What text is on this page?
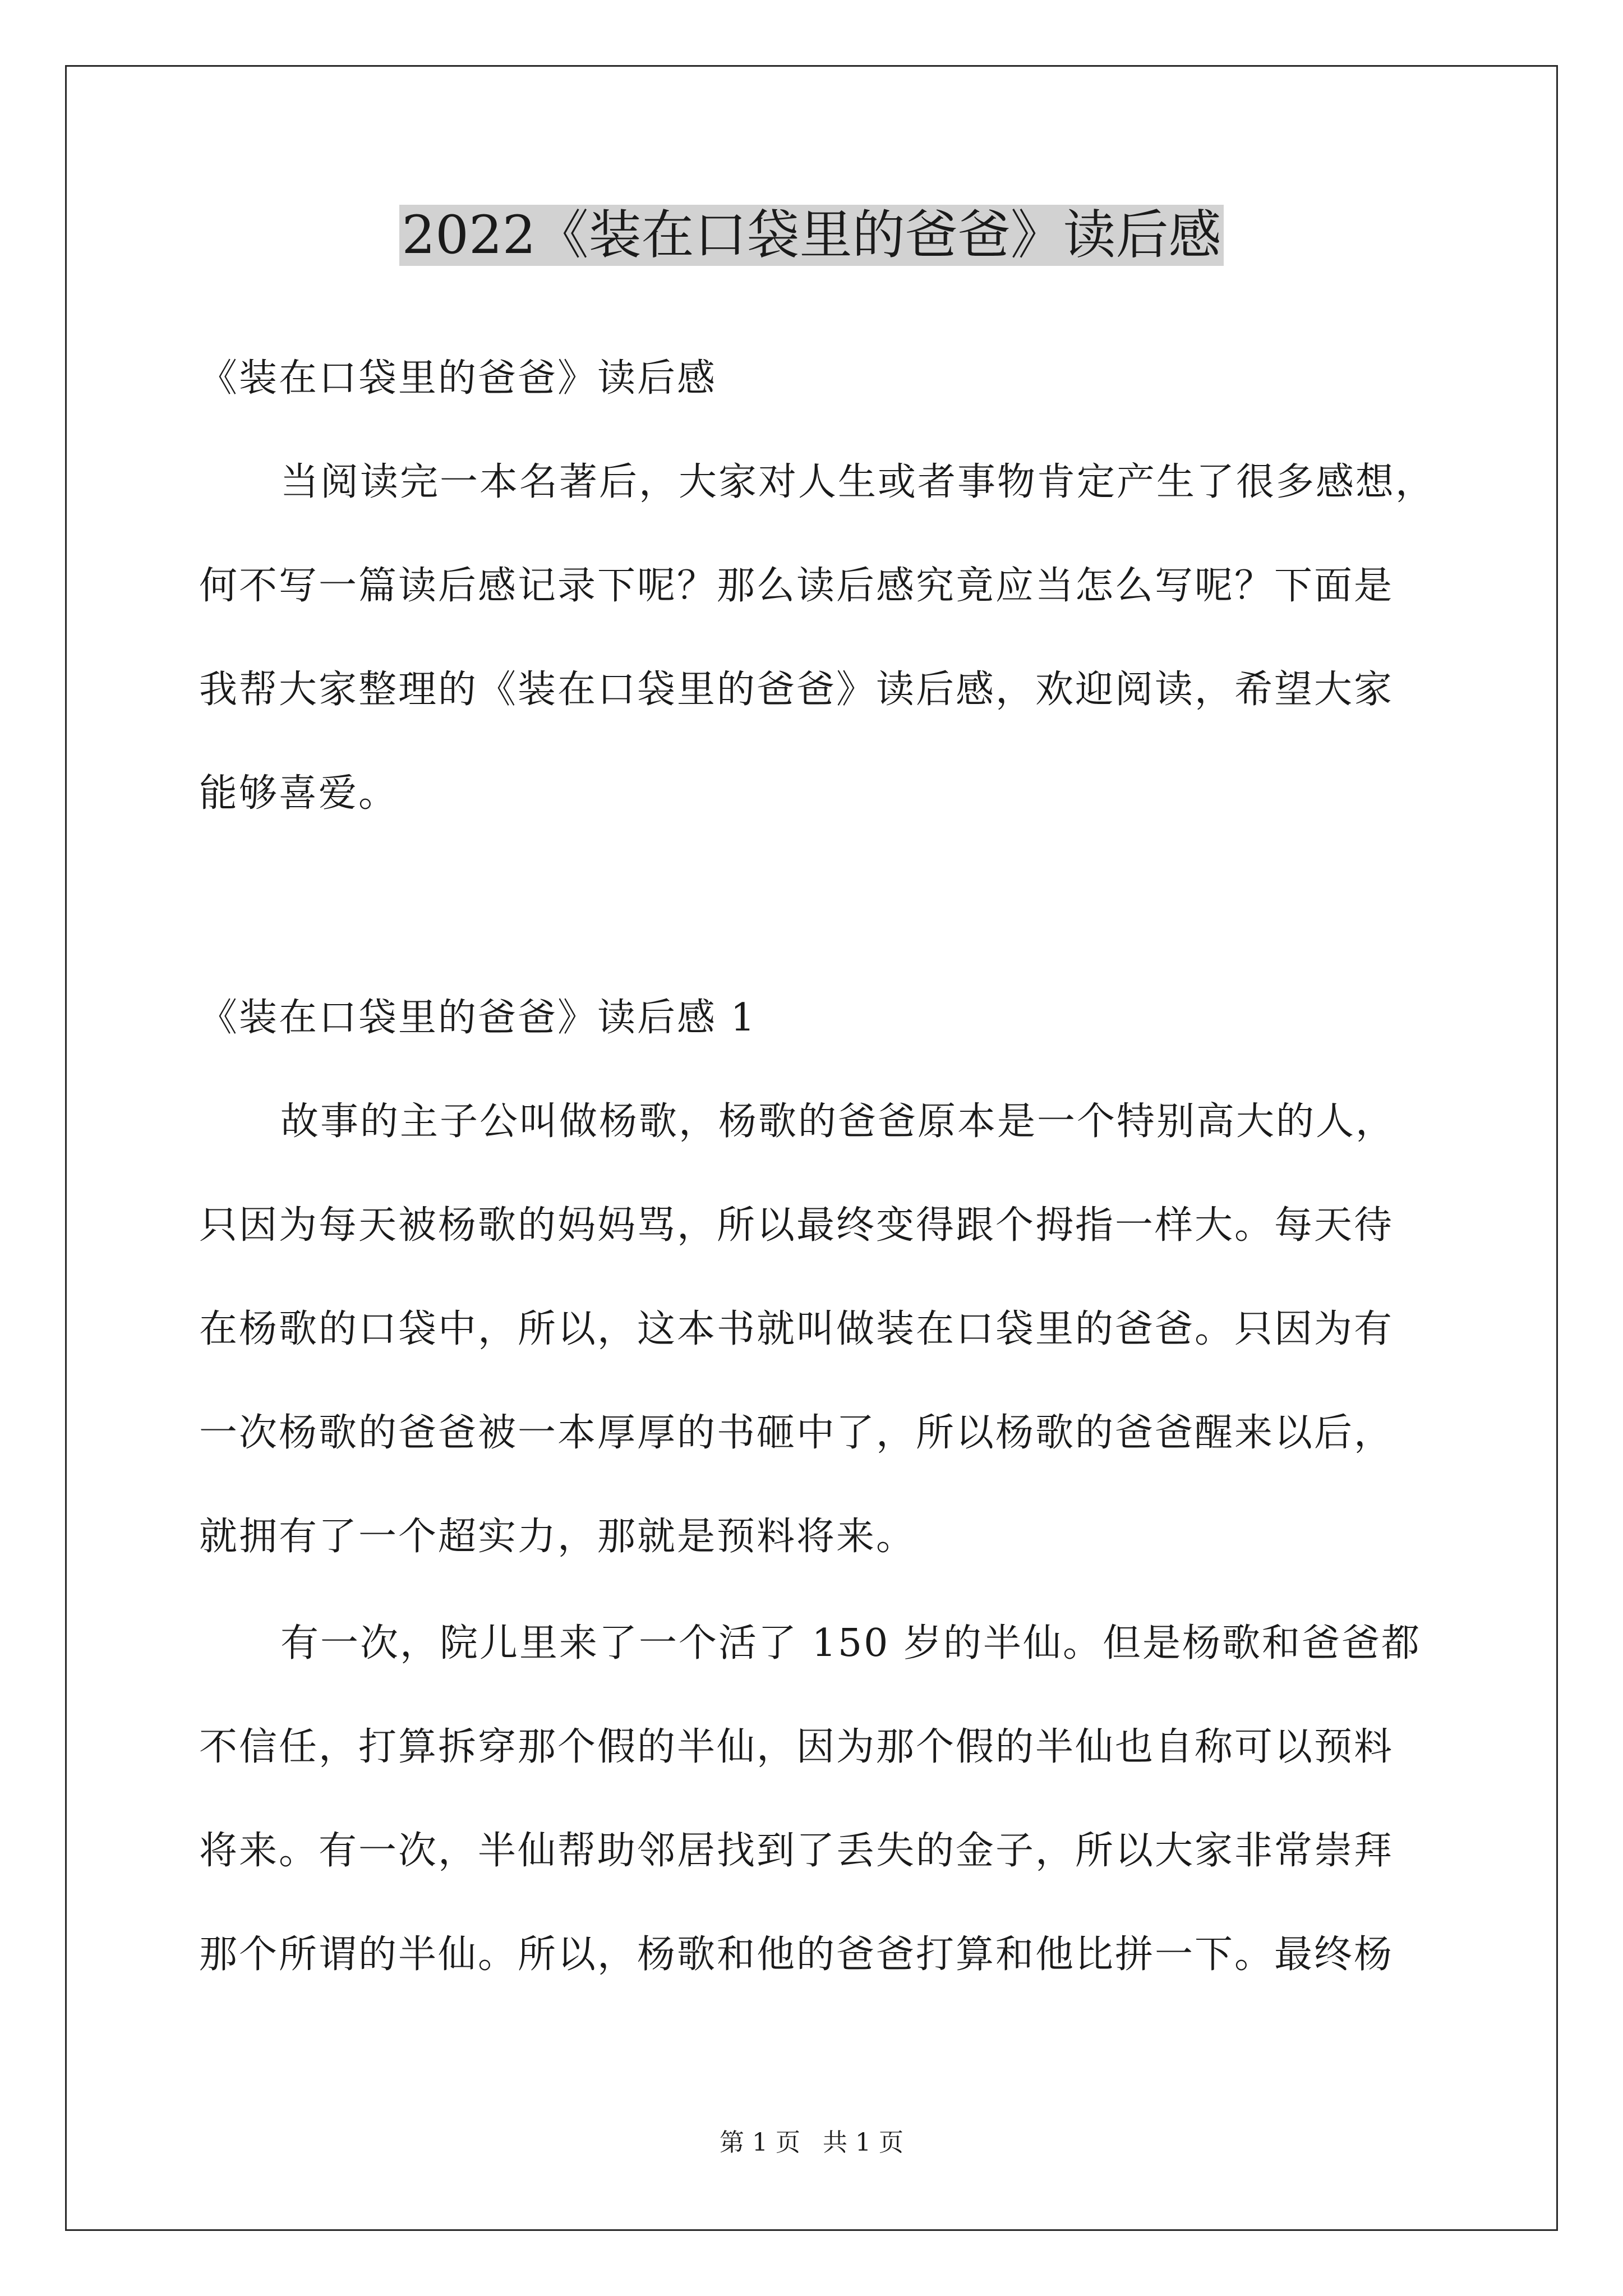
2022《装在口袋里的爸爸》读后感
《装在口袋里的爸爸》读后感
当阅读完一本名著后，大家对人生或者事物肯定产生了很多感想，
何不写一篇读后感记录下呢？那么读后感究竟应当怎么写呢？下面是
我帮大家整理的《装在口袋里的爸爸》读后感，欢迎阅读，希望大家
能够喜爱。
《装在口袋里的爸爸》读后感 1
故事的主子公叫做杨歌，杨歌的爸爸原本是一个特别高大的人，
只因为每天被杨歌的妈妈骂，所以最终变得跟个拇指一样大。每天待
在杨歌的口袋中，所以，这本书就叫做装在口袋里的爸爸。只因为有
一次杨歌的爸爸被一本厚厚的书砸中了，所以杨歌的爸爸醒来以后，
就拥有了一个超实力，那就是预料将来。
有一次，院儿里来了一个活了 150 岁的半仙。但是杨歌和爸爸都
不信任，打算拆穿那个假的半仙，因为那个假的半仙也自称可以预料
将来。有一次，半仙帮助邻居找到了丢失的金子，所以大家非常崇拜
那个所谓的半仙。所以，杨歌和他的爸爸打算和他比拼一下。最终杨
第 1 页 共 1 页
